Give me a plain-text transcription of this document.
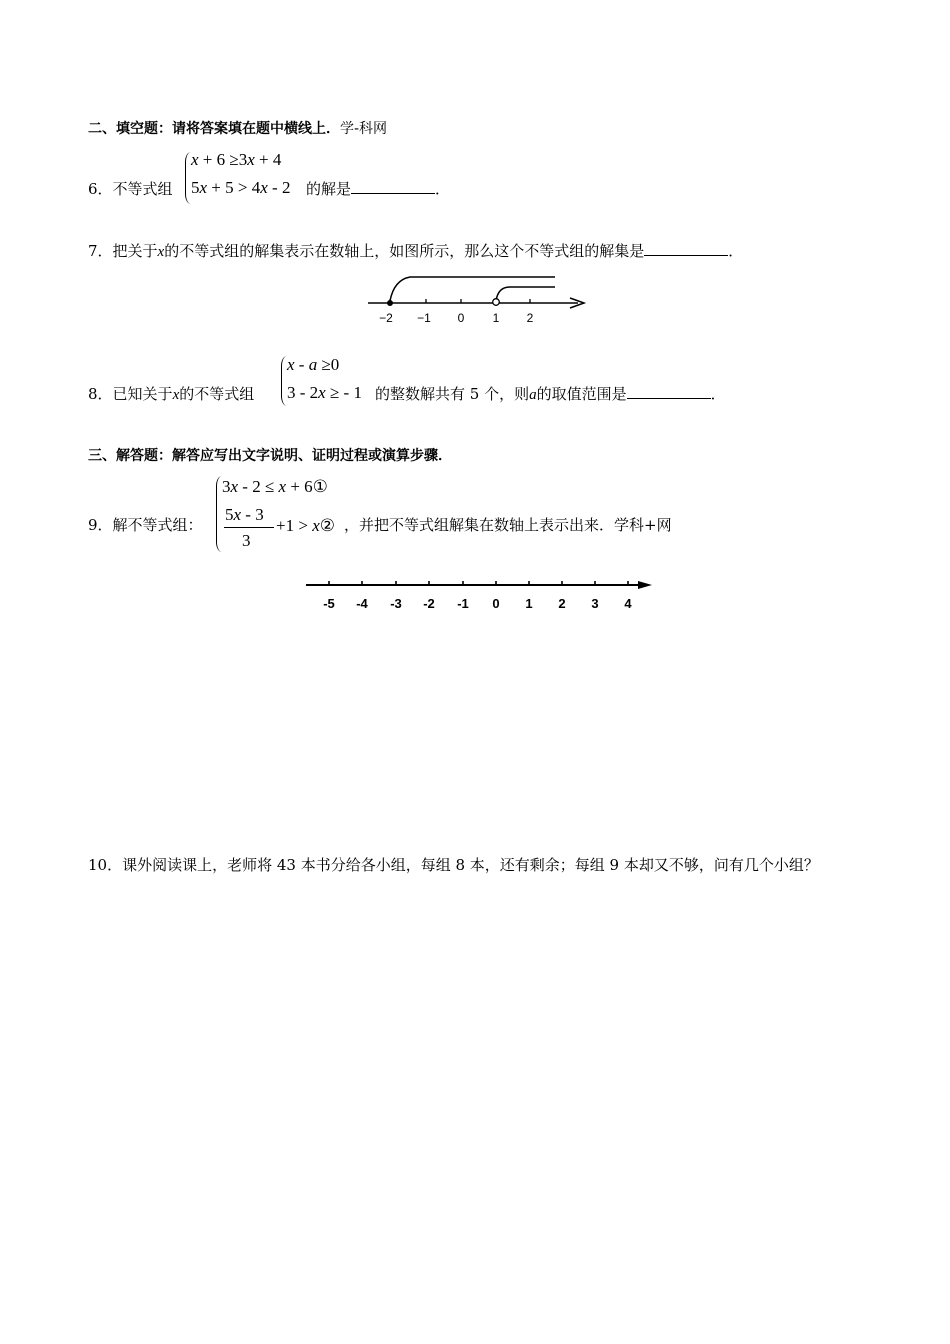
二、填空题：请将答案填在题中横线上．学-科网
6．不等式组
x + 6 ≥3x + 4
5x + 5 > 4x - 2 的解是	．
7．把关于x的不等式组的解集表示在数轴上，如图所示，那么这个不等式组的解集是	．
−2 −1 0 1 2
8．已知关于x的不等式组
x - a ≥0
3 - 2x ≥ - 1 的整数解共有 5 个，则a的取值范围是	．
三、解答题：解答应写出文字说明、证明过程或演算步骤．
9．解不等式组：
3x - 2 ≤ x + 6①
5x - 3
3
+1 > x② ，并把不等式组解集在数轴上表示出来．学科+网
-5 -4 -3 -2 -1 0 1 2 3 4
10．课外阅读课上，老师将 43 本书分给各小组，每组 8 本，还有剩余；每组 9 本却又不够，问有几个小组？
